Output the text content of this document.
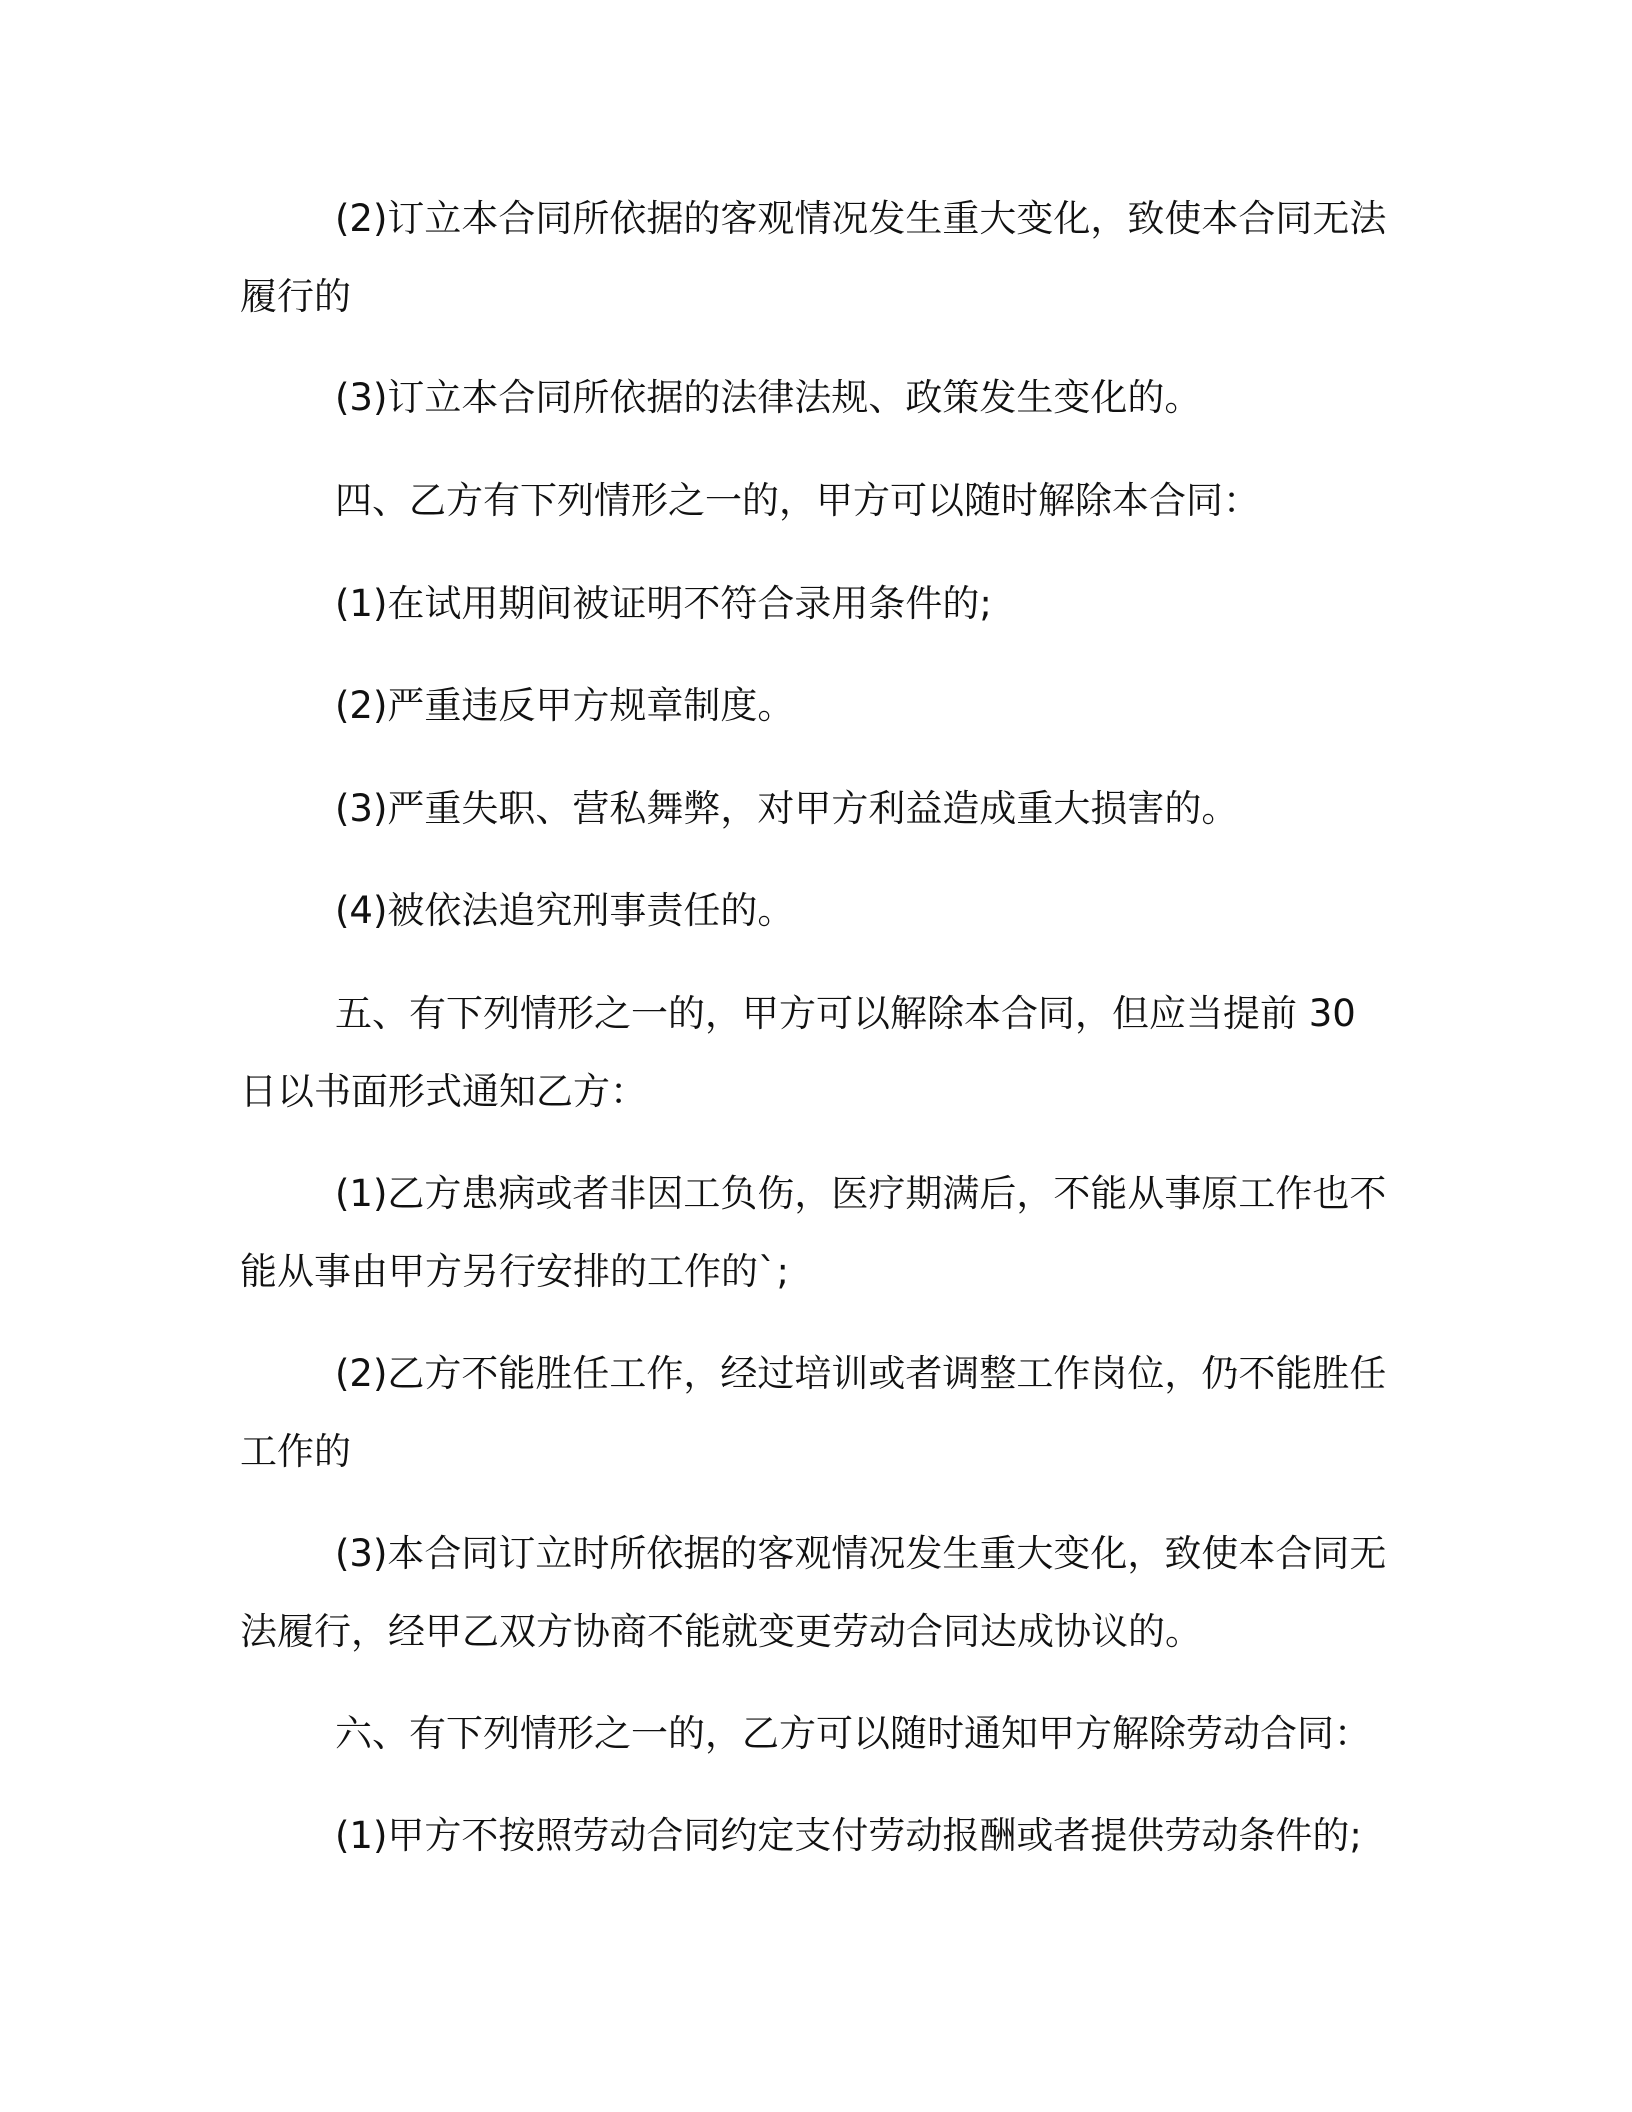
(2)订立本合同所依据的客观情况发生重大变化，致使本合同无法
履行的

(3)订立本合同所依据的法律法规、政策发生变化的。

四、乙方有下列情形之一的，甲方可以随时解除本合同：

(1)在试用期间被证明不符合录用条件的;

(2)严重违反甲方规章制度。

(3)严重失职、营私舞弊，对甲方利益造成重大损害的。

(4)被依法追究刑事责任的。

五、有下列情形之一的，甲方可以解除本合同，但应当提前 30
日以书面形式通知乙方：

(1)乙方患病或者非因工负伤，医疗期满后，不能从事原工作也不
能从事由甲方另行安排的工作的`;

(2)乙方不能胜任工作，经过培训或者调整工作岗位，仍不能胜任
工作的

(3)本合同订立时所依据的客观情况发生重大变化，致使本合同无
法履行，经甲乙双方协商不能就变更劳动合同达成协议的。

六、有下列情形之一的，乙方可以随时通知甲方解除劳动合同：

(1)甲方不按照劳动合同约定支付劳动报酬或者提供劳动条件的;
